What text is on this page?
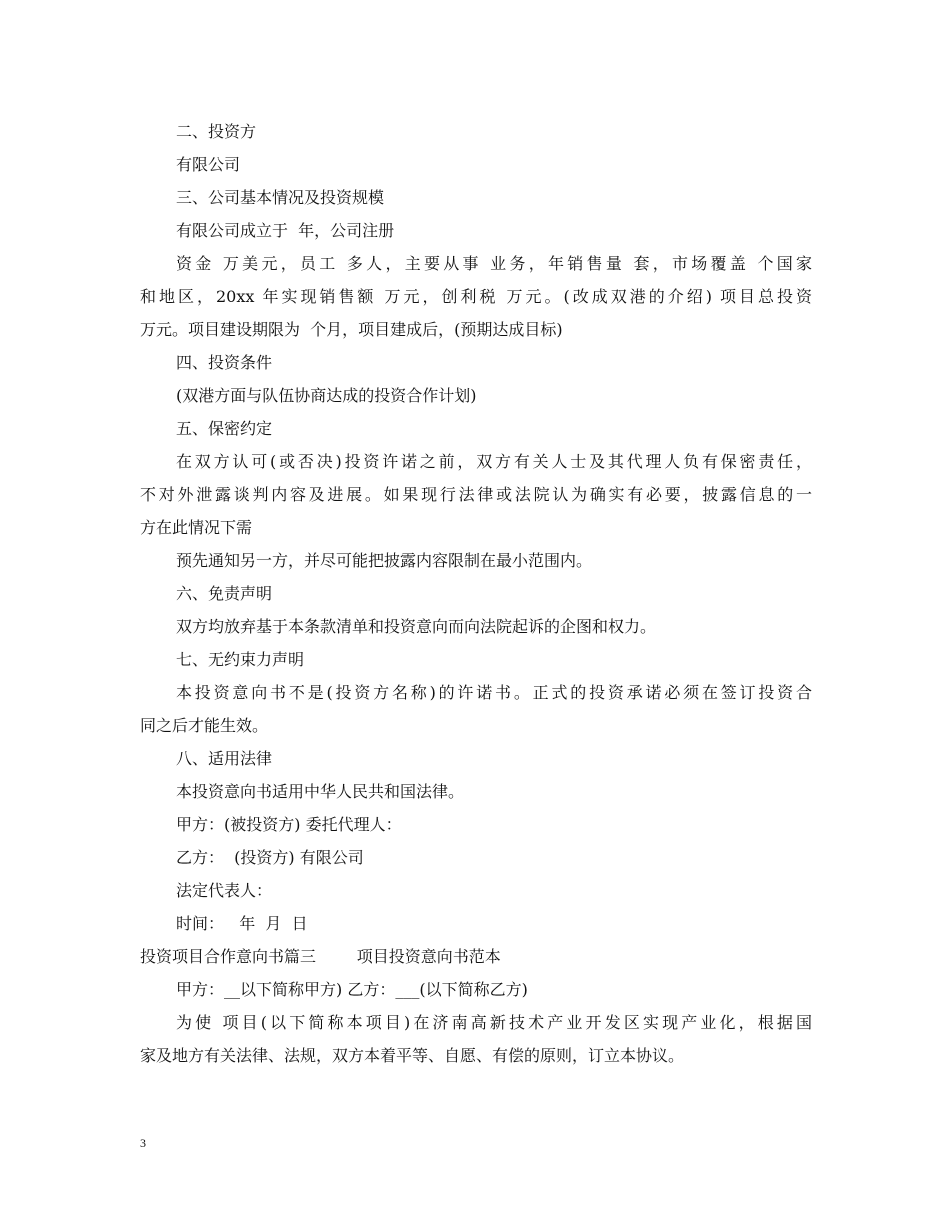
二、投资方

有限公司

三、公司基本情况及投资规模

有限公司成立于  年，公司注册

资金 万美元，员工 多人，主要从事 业务，年销售量 套，市场覆盖 个国家

和地区，20xx 年实现销售额 万元，创利税 万元。(改成双港的介绍) 项目总投资

万元。项目建设期限为  个月，项目建成后，(预期达成目标)

四、投资条件

(双港方面与队伍协商达成的投资合作计划)

五、保密约定

在双方认可(或否决)投资许诺之前，双方有关人士及其代理人负有保密责任，

不对外泄露谈判内容及进展。如果现行法律或法院认为确实有必要，披露信息的一

方在此情况下需

预先通知另一方，并尽可能把披露内容限制在最小范围内。

六、免责声明

双方均放弃基于本条款清单和投资意向而向法院起诉的企图和权力。

七、无约束力声明

本投资意向书不是(投资方名称)的许诺书。正式的投资承诺必须在签订投资合

同之后才能生效。

八、适用法律

本投资意向书适用中华人民共和国法律。

甲方：(被投资方) 委托代理人：

乙方：  (投资方) 有限公司

法定代表人：

时间：   年  月  日

投资项目合作意向书篇三        项目投资意向书范本

甲方：__以下简称甲方) 乙方：___(以下简称乙方)

为使 项目(以下简称本项目)在济南高新技术产业开发区实现产业化，根据国

家及地方有关法律、法规，双方本着平等、自愿、有偿的原则，订立本协议。

3
